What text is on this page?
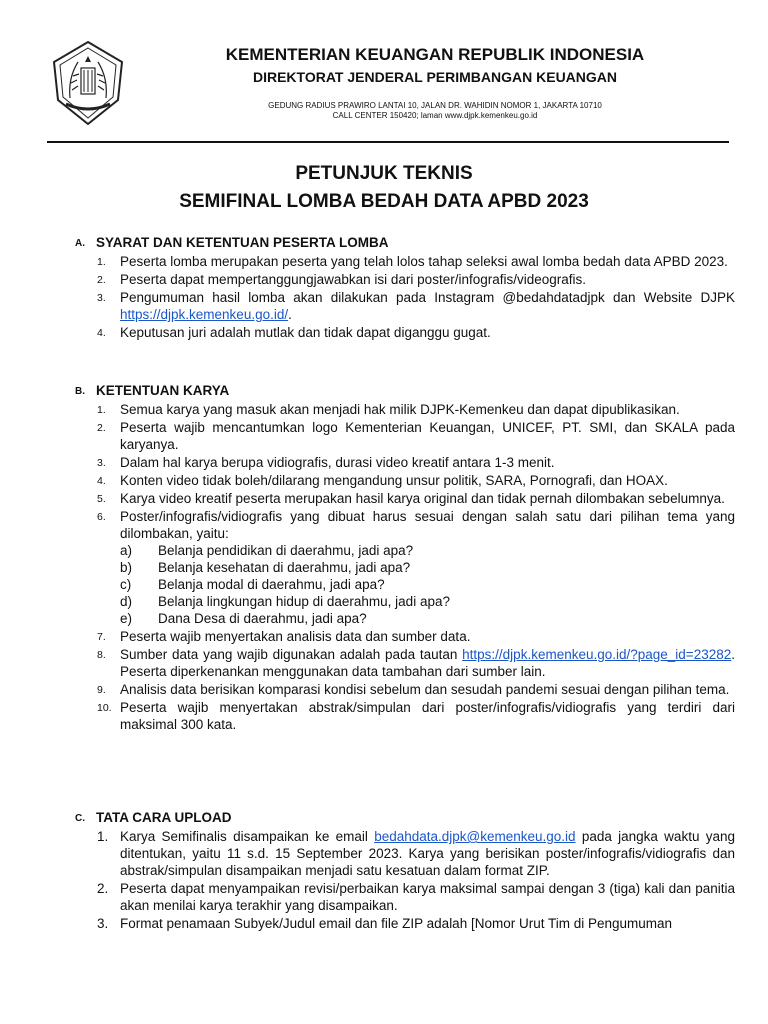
KEMENTERIAN KEUANGAN REPUBLIK INDONESIA
DIREKTORAT JENDERAL PERIMBANGAN KEUANGAN
GEDUNG RADIUS PRAWIRO LANTAI 10, JALAN DR. WAHIDIN NOMOR 1, JAKARTA 10710
CALL CENTER 150420; laman www.djpk.kemenkeu.go.id
PETUNJUK TEKNIS
SEMIFINAL LOMBA BEDAH DATA APBD 2023
A. SYARAT DAN KETENTUAN PESERTA LOMBA
1. Peserta lomba merupakan peserta yang telah lolos tahap seleksi awal lomba bedah data APBD 2023.
2. Peserta dapat mempertanggungjawabkan isi dari poster/infografis/videografis.
3. Pengumuman hasil lomba akan dilakukan pada Instagram @bedahdatadjpk dan Website DJPK https://djpk.kemenkeu.go.id/.
4. Keputusan juri adalah mutlak dan tidak dapat diganggu gugat.
B. KETENTUAN KARYA
1. Semua karya yang masuk akan menjadi hak milik DJPK-Kemenkeu dan dapat dipublikasikan.
2. Peserta wajib mencantumkan logo Kementerian Keuangan, UNICEF, PT. SMI, dan SKALA pada karyanya.
3. Dalam hal karya berupa vidiografis, durasi video kreatif antara 1-3 menit.
4. Konten video tidak boleh/dilarang mengandung unsur politik, SARA, Pornografi, dan HOAX.
5. Karya video kreatif peserta merupakan hasil karya original dan tidak pernah dilombakan sebelumnya.
6. Poster/infografis/vidiografis yang dibuat harus sesuai dengan salah satu dari pilihan tema yang dilombakan, yaitu:
a) Belanja pendidikan di daerahmu, jadi apa?
b) Belanja kesehatan di daerahmu, jadi apa?
c) Belanja modal di daerahmu, jadi apa?
d) Belanja lingkungan hidup di daerahmu, jadi apa?
e) Dana Desa di daerahmu, jadi apa?
7. Peserta wajib menyertakan analisis data dan sumber data.
8. Sumber data yang wajib digunakan adalah pada tautan https://djpk.kemenkeu.go.id/?page_id=23282. Peserta diperkenankan menggunakan data tambahan dari sumber lain.
9. Analisis data berisikan komparasi kondisi sebelum dan sesudah pandemi sesuai dengan pilihan tema.
10. Peserta wajib menyertakan abstrak/simpulan dari poster/infografis/vidiografis yang terdiri dari maksimal 300 kata.
C. TATA CARA UPLOAD
1. Karya Semifinalis disampaikan ke email bedahdata.djpk@kemenkeu.go.id pada jangka waktu yang ditentukan, yaitu 11 s.d. 15 September 2023. Karya yang berisikan poster/infografis/vidiografis dan abstrak/simpulan disampaikan menjadi satu kesatuan dalam format ZIP.
2. Peserta dapat menyampaikan revisi/perbaikan karya maksimal sampai dengan 3 (tiga) kali dan panitia akan menilai karya terakhir yang disampaikan.
3. Format penamaan Subyek/Judul email dan file ZIP adalah [Nomor Urut Tim di Pengumuman
